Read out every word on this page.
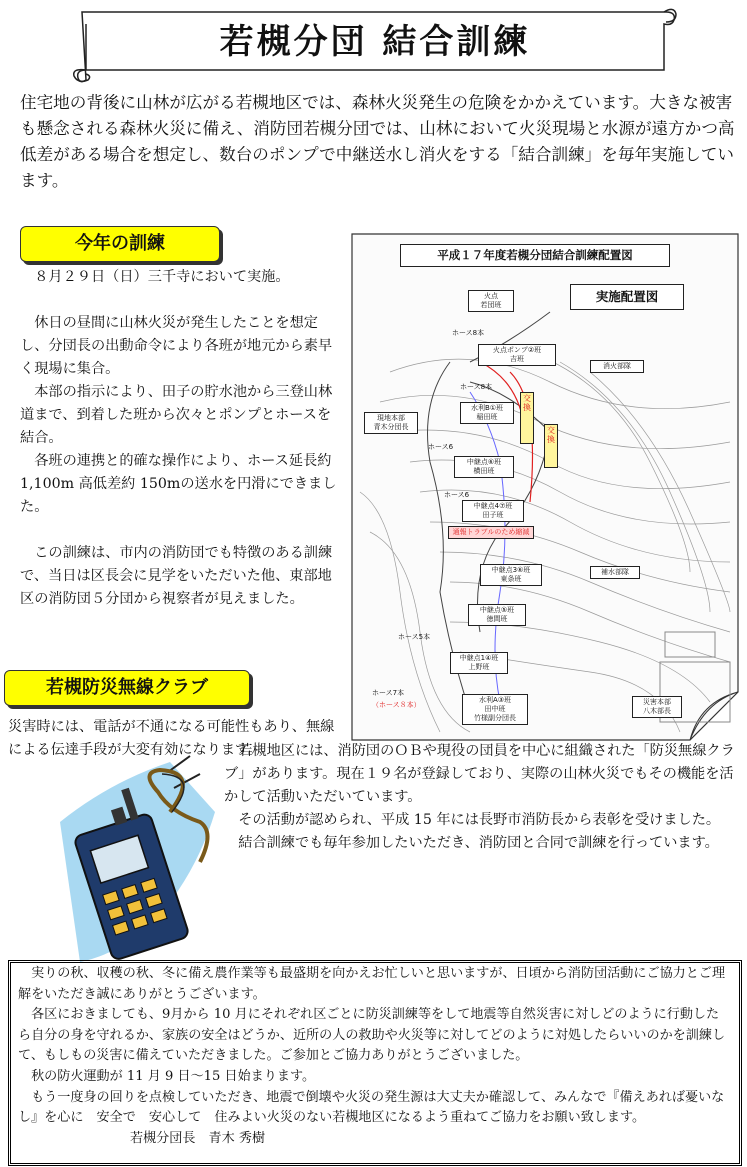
若槻分団 結合訓練
住宅地の背後に山林が広がる若槻地区では、森林火災発生の危険をかかえています。大きな被害も懸念される森林火災に備え、消防団若槻分団では、山林において火災現場と水源が遠方かつ高低差がある場合を想定し、数台のポンプで中継送水し消火をする「結合訓練」を毎年実施しています。
今年の訓練

８月２９日（日）三千寺において実施。

休日の昼間に山林火災が発生したことを想定し、分団長の出動命令により各班が地元から素早く現場に集合。

本部の指示により、田子の貯水池から三登山林道まで、到着した班から次々とポンプとホースを結合。

各班の連携と的確な操作により、ホース延長約 1,100m 高低差約 150mの送水を円滑にできました。

この訓練は、市内の消防団でも特徴のある訓練で、当日は区長会に見学をいただいた他、東部地区の消防団５分団から視察者が見えました。

平成１７年度若槻分団結合訓練配置図
実施配置図
火点
若団班
火点ポンプ②班
吉班
消火部隊
現地本部
青木分団長
水利B①班
稲田班
中継点⑥班
横田班
中継点4⑦班
田子班
通報トラブルのため縮減
中継点3⑥班
東条班
中継点⑤班
徳間班
中継点1④班
上野班
水利A③班
田中班
竹様副分団長
補水部隊
災害本部
八木部長
交換
交換
ホース8本
ホース8本
ホース6
ホース6
ホース5本
ホース7本
（ホース８本）
若槻防災無線クラブ
災害時には、電話が不通になる可能性もあり、無線による伝達手段が大変有効になります。

若槻地区には、消防団のＯＢや現役の団員を中心に組織された「防災無線クラブ」があります。現在１９名が登録しており、実際の山林火災でもその機能を活かして活動いただいています。

その活動が認められ、平成 15 年には長野市消防長から表彰を受けました。

結合訓練でも毎年参加したいただき、消防団と合同で訓練を行っています。

実りの秋、収穫の秋、冬に備え農作業等も最盛期を向かえお忙しいと思いますが、日頃から消防団活動にご協力とご理解をいただき誠にありがとうございます。

各区におきましても、9月から 10 月にそれぞれ区ごとに防災訓練等をして地震等自然災害に対しどのように行動したら自分の身を守れるか、家族の安全はどうか、近所の人の救助や火災等に対してどのように対処したらいいのかを訓練して、もしもの災害に備えていただきました。ご参加とご協力ありがとうございました。

秋の防火運動が 11 月 9 日〜15 日始まります。

もう一度身の回りを点検していただき、地震で倒壊や火災の発生源は大丈夫か確認して、みんなで『備えあれば憂いなし』を心に　安全で　安心して　住みよい火災のない若槻地区になるよう重ねてご協力をお願い致します。若槻分団長　青木 秀樹
